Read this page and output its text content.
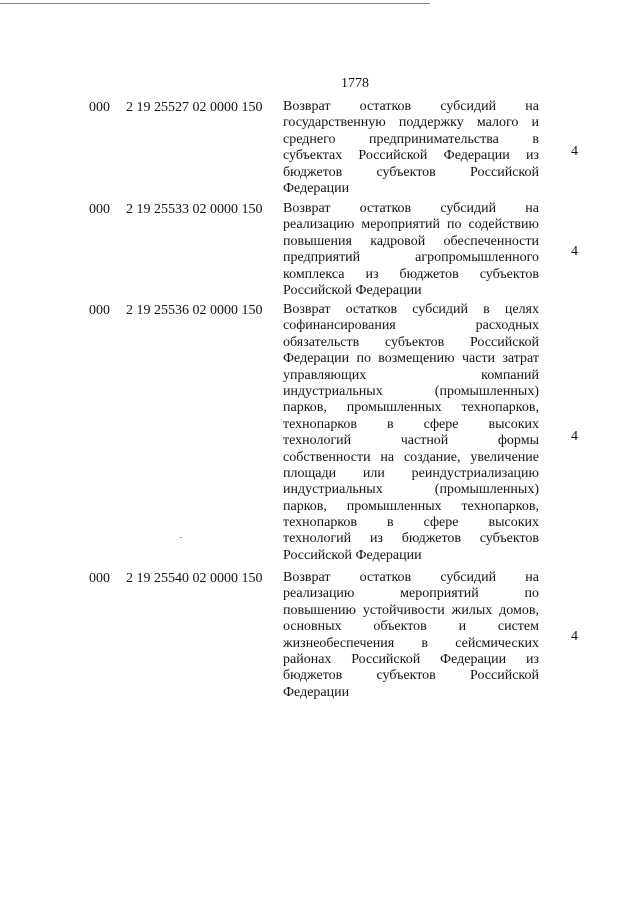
1778
000 2 19 25527 02 0000 150 Возврат остатков субсидий на
государственную поддержку малого и
среднего предпринимательства в
субъектах Российской Федерации из
бюджетов субъектов Российской
Федерации
4
000 2 19 25533 02 0000 150 Возврат остатков субсидий на
реализацию мероприятий по содействию
повышения кадровой обеспеченности
предприятий агропромышленного
комплекса из бюджетов субъектов
Российской Федерации
4
000 2 19 25536 02 0000 150 Возврат остатков субсидий в целях
софинансирования расходных
обязательств субъектов Российской
Федерации по возмещению части затрат
управляющих компаний
индустриальных (промышленных)
парков, промышленных технопарков,
технопарков в сфере высоких
технологий частной формы
собственности на создание, увеличение
площади или реиндустриализацию
индустриальных (промышленных)
парков, промышленных технопарков,
технопарков в сфере высоких
технологий из бюджетов субъектов
Российской Федерации
4
000 2 19 25540 02 0000 150 Возврат остатков субсидий на
реализацию мероприятий по
повышению устойчивости жилых домов,
основных объектов и систем
жизнеобеспечения в сейсмических
районах Российской Федерации из
бюджетов субъектов Российской
Федерации
4
